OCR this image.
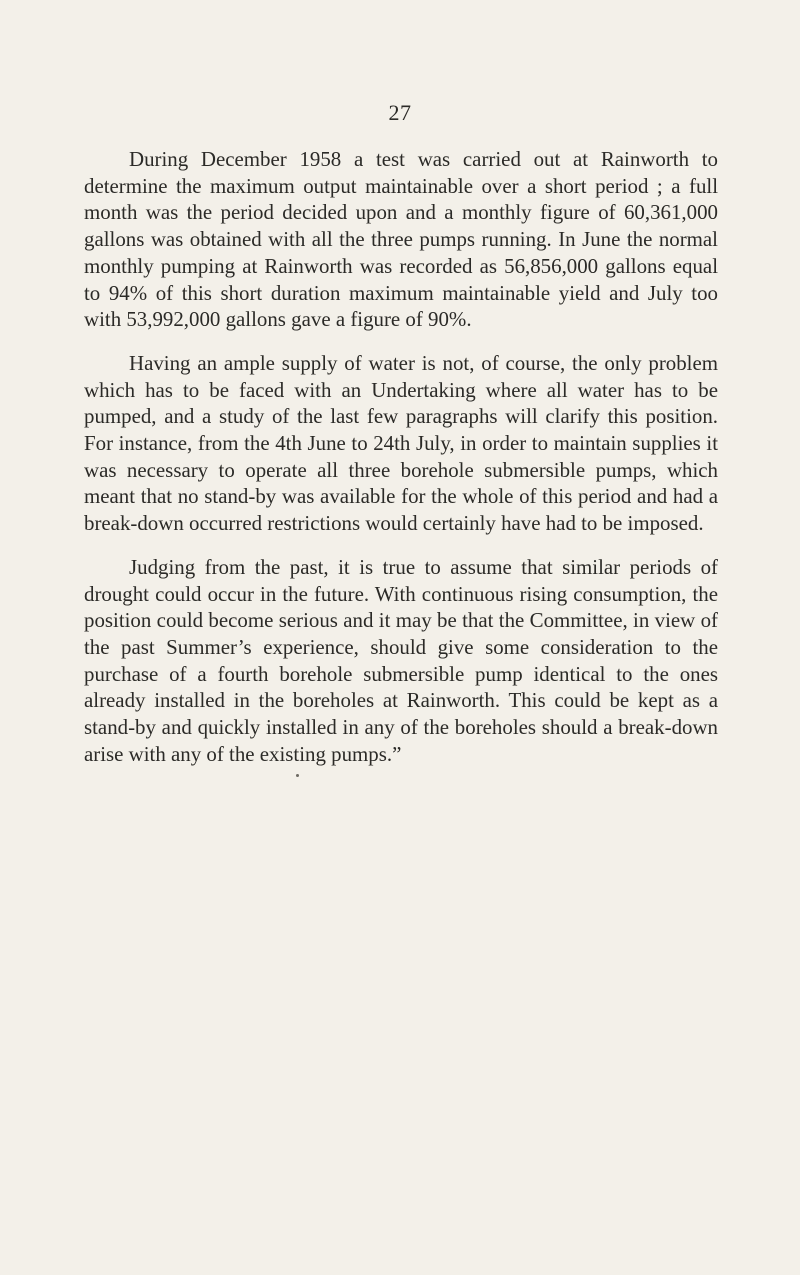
27

During December 1958 a test was carried out at Rainworth to determine the maximum output maintainable over a short period ; a full month was the period decided upon and a monthly figure of 60,361,000 gallons was obtained with all the three pumps running. In June the normal monthly pumping at Rainworth was recorded as 56,856,000 gallons equal to 94% of this short duration maximum maintainable yield and July too with 53,992,000 gallons gave a figure of 90%.

Having an ample supply of water is not, of course, the only problem which has to be faced with an Undertaking where all water has to be pumped, and a study of the last few paragraphs will clarify this position. For instance, from the 4th June to 24th July, in order to maintain supplies it was necessary to operate all three borehole submersible pumps, which meant that no stand-by was available for the whole of this period and had a break-down occurred restrictions would certainly have had to be imposed.

Judging from the past, it is true to assume that similar periods of drought could occur in the future. With continuous rising consumption, the position could become serious and it may be that the Committee, in view of the past Summer’s experience, should give some consideration to the purchase of a fourth borehole submersible pump identical to the ones already installed in the boreholes at Rainworth. This could be kept as a stand-by and quickly installed in any of the boreholes should a break-down arise with any of the existing pumps.”
